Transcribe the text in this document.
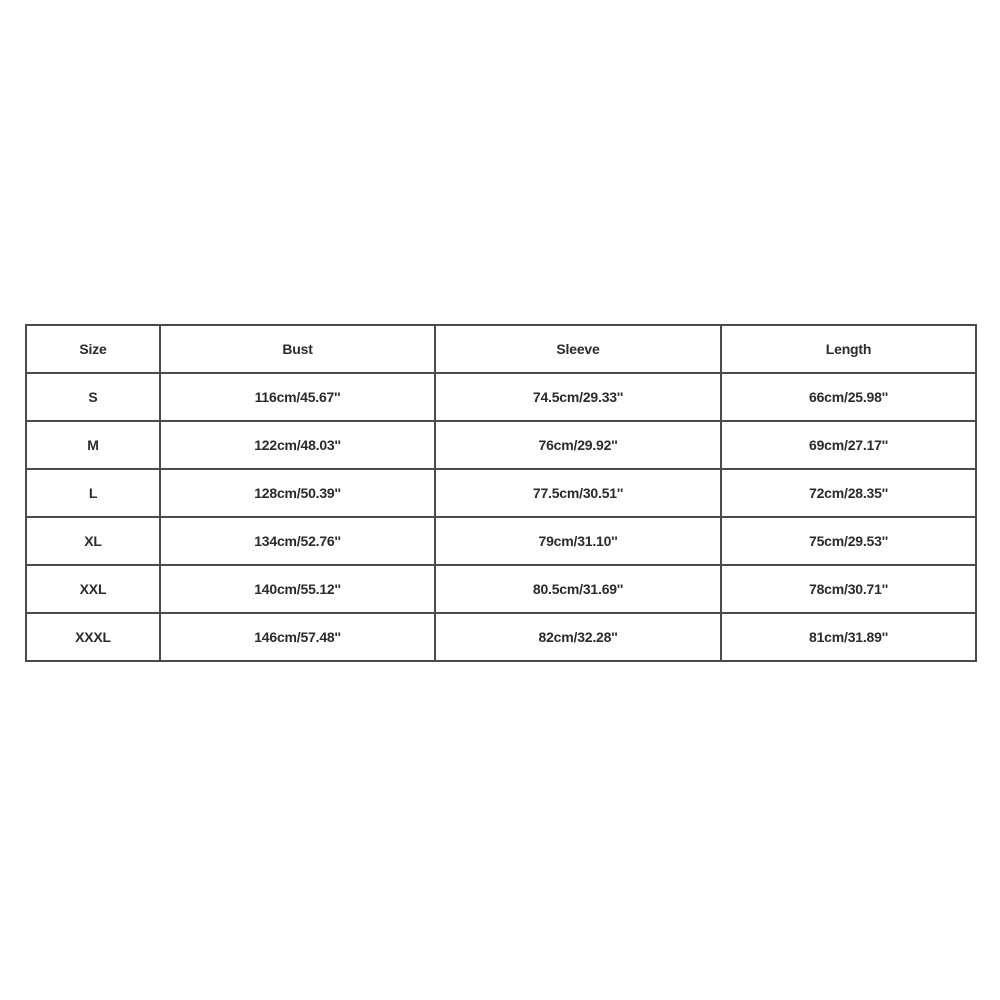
Size	Bust	Sleeve	Length
S	116cm/45.67''	74.5cm/29.33''	66cm/25.98''
M	122cm/48.03''	76cm/29.92''	69cm/27.17''
L	128cm/50.39''	77.5cm/30.51''	72cm/28.35''
XL	134cm/52.76''	79cm/31.10''	75cm/29.53''
XXL	140cm/55.12''	80.5cm/31.69''	78cm/30.71''
XXXL	146cm/57.48''	82cm/32.28''	81cm/31.89''
